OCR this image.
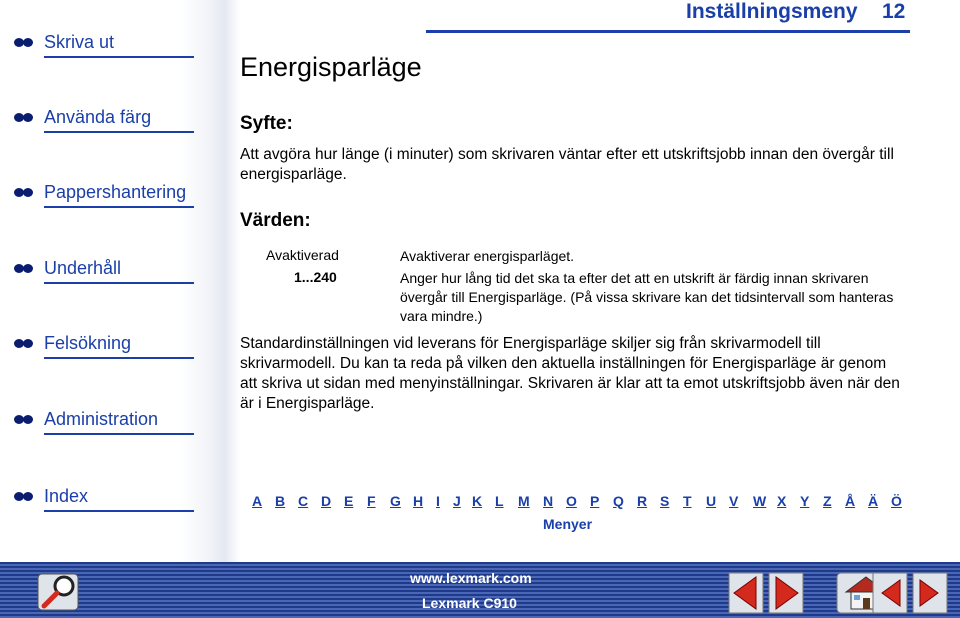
Skriva ut
Använda färg
Pappershantering
Underhåll
Felsökning
Administration
Index
Inställningsmeny 12
Energisparläge
Syfte:
Att avgöra hur länge (i minuter) som skrivaren väntar efter ett utskriftsjobb innan den övergår till energisparläge.
Värden:
Avaktiverad	Avaktiverar energisparläget.
1...240	Anger hur lång tid det ska ta efter det att en utskrift är färdig innan skrivaren övergår till Energisparläge. (På vissa skrivare kan det tidsintervall som hanteras vara mindre.)
Standardinställningen vid leverans för Energisparläge skiljer sig från skrivarmodell till skrivarmodell. Du kan ta reda på vilken den aktuella inställningen för Energisparläge är genom att skriva ut sidan med menyinställningar. Skrivaren är klar att ta emot utskriftsjobb även när den är i Energisparläge.
A B C D E F	G H I J K L	M N O P Q R S T	U V	W X Y Z Å Ä Ö
Menyer
www.lexmark.com
Lexmark C910
